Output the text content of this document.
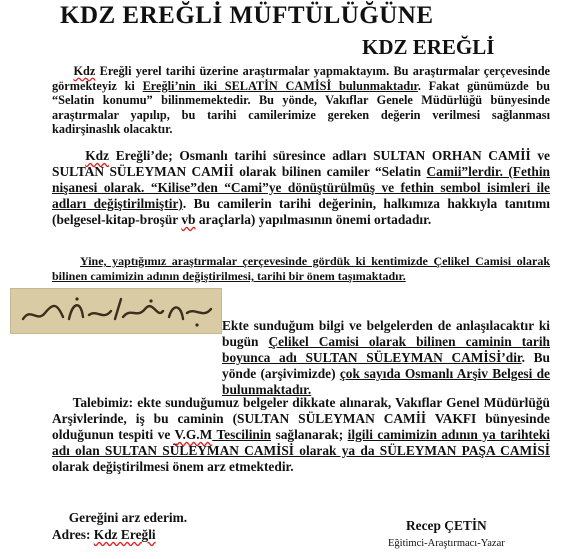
KDZ EREĞLİ MÜFTÜLÜĞÜNE
KDZ EREĞLİ
Kdz Ereğli yerel tarihi üzerine araştırmalar yapmaktayım. Bu araştırmalar çerçevesinde görmekteyiz ki Ereğli’nin iki SELATİN CAMİSİ bulunmaktadır. Fakat günümüzde bu “Selatin konumu” bilinmemektedir. Bu yönde, Vakıflar Genele Müdürlüğü bünyesinde araştırmalar yapılıp, bu tarihi camilerimize gereken değerin verilmesi sağlanması kadirşinaslık olacaktır.
Kdz Ereğli’de; Osmanlı tarihi süresince adları SULTAN ORHAN CAMİİ ve SULTAN SÜLEYMAN CAMİİ olarak bilinen camiler “Selatin Camii”lerdir. (Fethin nişanesi olarak. “Kilise”den “Cami”ye dönüştürülmüş ve fethin sembol isimleri ile adları değiştirilmiştir). Bu camilerin tarihi değerinin, halkımıza hakkıyla tanıtımı (belgesel-kitap-broşür vb araçlarla) yapılmasının önemi ortadadır.
Yine, yaptığımız araştırmalar çerçevesinde gördük ki kentimizde Çelikel Camisi olarak bilinen camimizin adının değiştirilmesi, tarihi bir önem taşımaktadır.
Ekte sunduğum bilgi ve belgelerden de anlaşılacaktır ki bugün Çelikel Camisi olarak bilinen caminin tarih boyunca adı SULTAN SÜLEYMAN CAMİSİ’dir. Bu yönde (arşivimizde) çok sayıda Osmanlı Arşiv Belgesi de bulunmaktadır.
Talebimiz: ekte sunduğumuz belgeler dikkate alınarak, Vakıflar Genel Müdürlüğü Arşivlerinde, iş bu caminin (SULTAN SÜLEYMAN CAMİİ VAKFI bünyesinde olduğunun tespiti ve V.G.M Tescilinin sağlanarak; ilgili camimizin adının ya tarihteki adı olan SULTAN SÜLEYMAN CAMİSİ olarak ya da SÜLEYMAN PAŞA CAMİSİ olarak değiştirilmesi önem arz etmektedir.
Gereğini arz ederim.
Adres: Kdz Ereğli
Recep ÇETİN
Eğitimci-Araştırmacı-Yazar
